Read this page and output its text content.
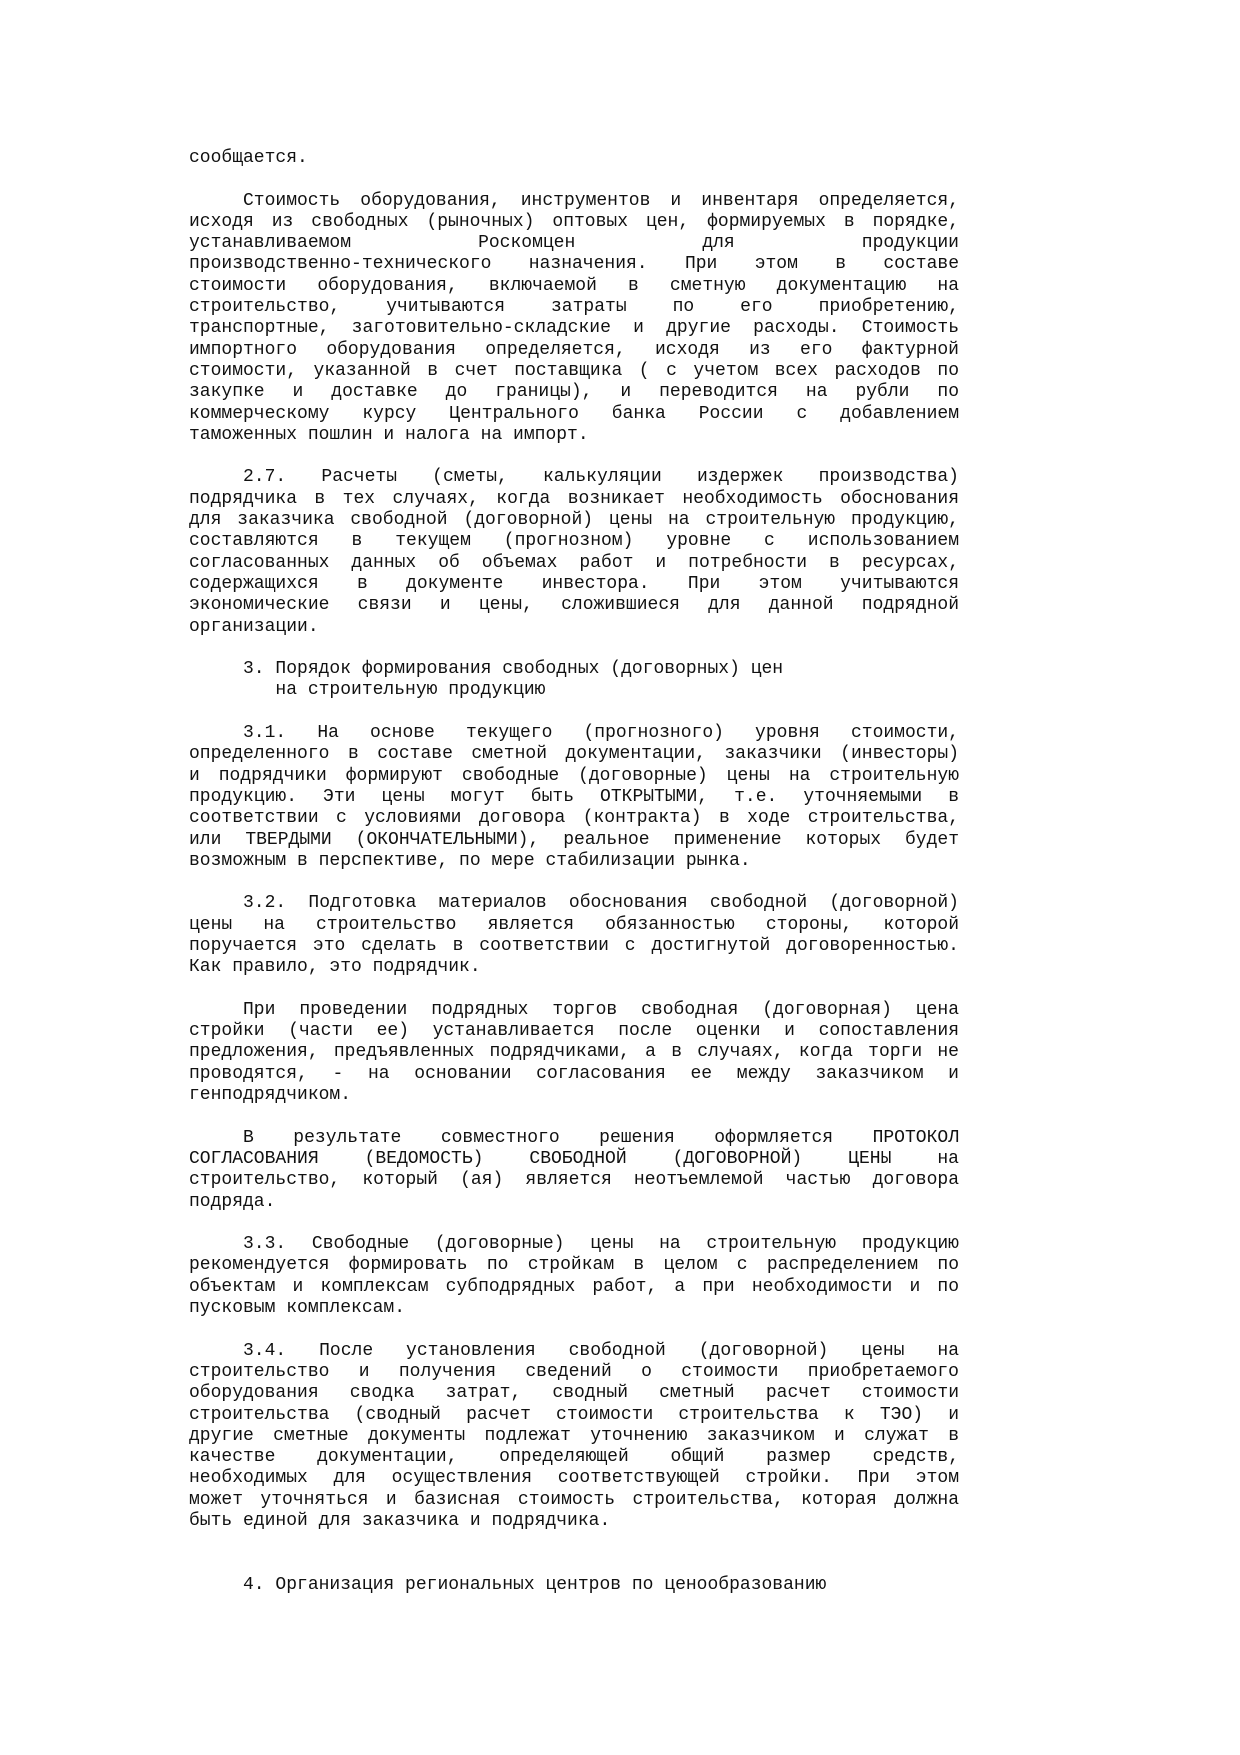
сообщается.
Стоимость оборудования, инструментов и инвентаря определяется,
исходя из свободных (рыночных) оптовых цен, формируемых в порядке,
устанавливаемом Роскомцен для продукции
производственно-технического назначения. При этом в составе
стоимости оборудования, включаемой в сметную документацию на
строительство, учитываются затраты по его приобретению,
транспортные, заготовительно-складские и другие расходы. Стоимость
импортного оборудования определяется, исходя из его фактурной
стоимости, указанной в счет поставщика ( с учетом всех расходов по
закупке и доставке до границы), и переводится на рубли по
коммерческому курсу Центрального банка России с добавлением
таможенных пошлин и налога на импорт.
2.7. Расчеты (сметы, калькуляции издержек производства)
подрядчика в тех случаях, когда возникает необходимость обоснования
для заказчика свободной (договорной) цены на строительную продукцию,
составляются в текущем (прогнозном) уровне с использованием
согласованных данных об объемах работ и потребности в ресурсах,
содержащихся в документе инвестора. При этом учитываются
экономические связи и цены, сложившиеся для данной подрядной
организации.
3. Порядок формирования свободных (договорных) цен
на строительную продукцию
3.1. На основе текущего (прогнозного) уровня стоимости,
определенного в составе сметной документации, заказчики (инвесторы)
и подрядчики формируют свободные (договорные) цены на строительную
продукцию. Эти цены могут быть ОТКРЫТЫМИ, т.е. уточняемыми в
соответствии с условиями договора (контракта) в ходе строительства,
или ТВЕРДЫМИ (ОКОНЧАТЕЛЬНЫМИ), реальное применение которых будет
возможным в перспективе, по мере стабилизации рынка.
3.2. Подготовка материалов обоснования свободной (договорной)
цены на строительство является обязанностью стороны, которой
поручается это сделать в соответствии с достигнутой договоренностью.
Как правило, это подрядчик.
При проведении подрядных торгов свободная (договорная) цена
стройки (части ее) устанавливается после оценки и сопоставления
предложения, предъявленных подрядчиками, а в случаях, когда торги не
проводятся, - на основании согласования ее между заказчиком и
генподрядчиком.
В результате совместного решения оформляется ПРОТОКОЛ
СОГЛАСОВАНИЯ (ВЕДОМОСТЬ) СВОБОДНОЙ (ДОГОВОРНОЙ) ЦЕНЫ на
строительство, который (ая) является неотъемлемой частью договора
подряда.
3.3. Свободные (договорные) цены на строительную продукцию
рекомендуется формировать по стройкам в целом с распределением по
объектам и комплексам субподрядных работ, а при необходимости и по
пусковым комплексам.
3.4. После установления свободной (договорной) цены на
строительство и получения сведений о стоимости приобретаемого
оборудования сводка затрат, сводный сметный расчет стоимости
строительства (сводный расчет стоимости строительства к ТЭО) и
другие сметные документы подлежат уточнению заказчиком и служат в
качестве документации, определяющей общий размер средств,
необходимых для осуществления соответствующей стройки. При этом
может уточняться и базисная стоимость строительства, которая должна
быть единой для заказчика и подрядчика.
4. Организация региональных центров по ценообразованию
